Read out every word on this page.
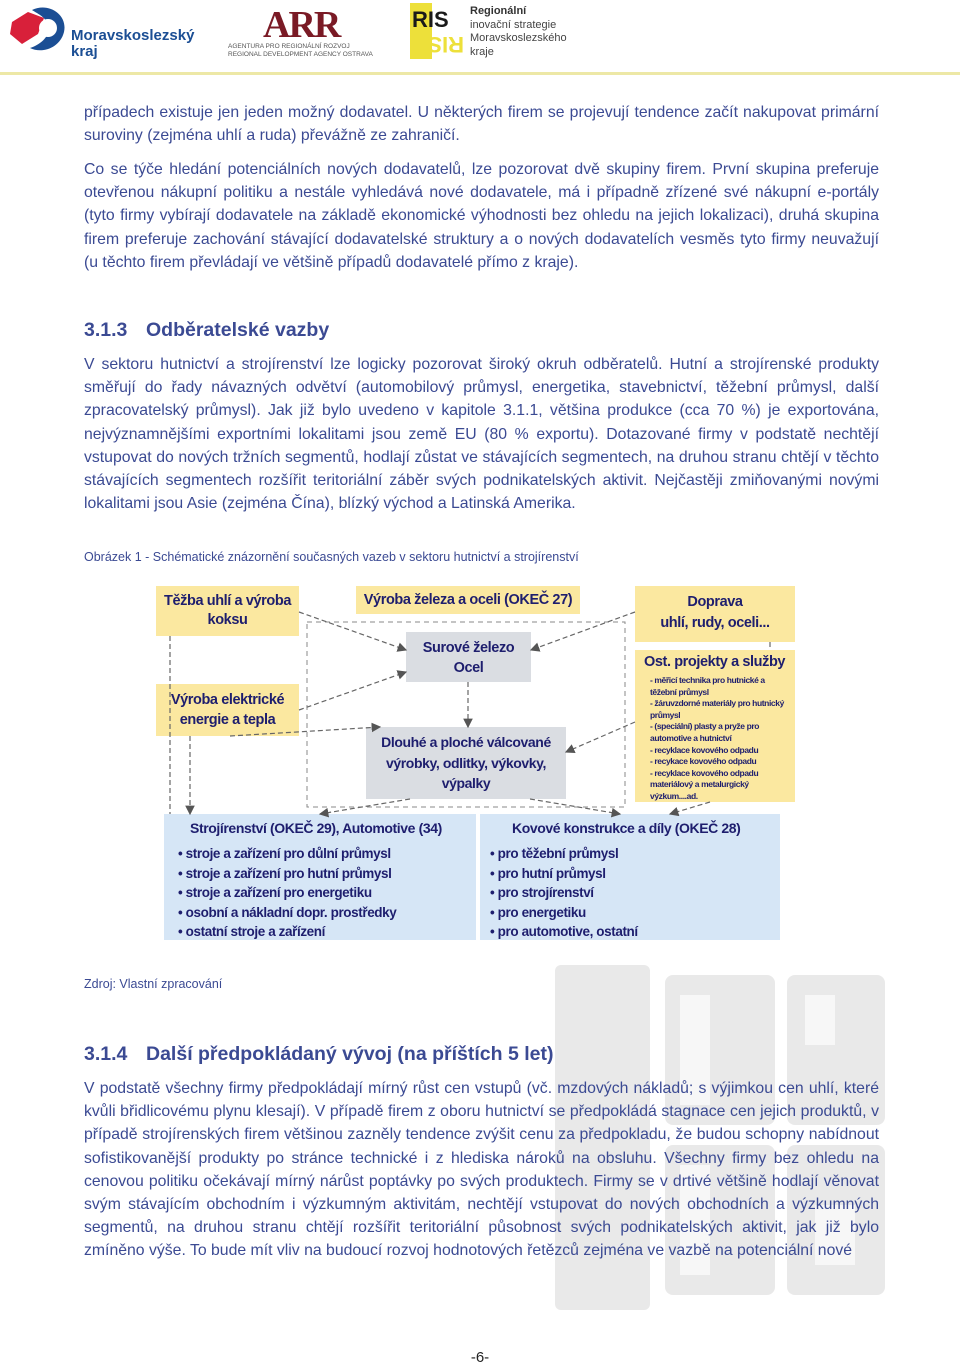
Moravskoslezský
kraj
ARR
AGENTURA PRO REGIONÁLNÍ ROZVOJ
REGIONAL DEVELOPMENT AGENCY OSTRAVA
RIS
RIS
Regionální
inovační strategie
Moravskoslezského
kraje

případech existuje jen jeden možný dodavatel. U některých firem se projevují tendence začít nakupovat primární suroviny (zejména uhlí a ruda) převážně ze zahraničí.

Co se týče hledání potenciálních nových dodavatelů, lze pozorovat dvě skupiny firem. První skupina preferuje otevřenou nákupní politiku a nestále vyhledává nové dodavatele, má i případně zřízené své nákupní e-portály (tyto firmy vybírají dodavatele na základě ekonomické výhodnosti bez ohledu na jejich lokalizaci), druhá skupina firem preferuje zachování stávající dodavatelské struktury a o nových dodavatelích vesměs tyto firmy neuvažují (u těchto firem převládají ve většině případů dodavatelé přímo z kraje).

3.1.3 Odběratelské vazby

V sektoru hutnictví a strojírenství lze logicky pozorovat široký okruh odběratelů. Hutní a strojírenské produkty směřují do řady návazných odvětví (automobilový průmysl, energetika, stavebnictví, těžební průmysl, další zpracovatelský průmysl). Jak již bylo uvedeno v kapitole 3.1.1, většina produkce (cca 70 %) je exportována, nejvýznamnějšími exportními lokalitami jsou země EU (80 % exportu). Dotazované firmy v podstatě nechtějí vstupovat do nových tržních segmentů, hodlají zůstat ve stávajících segmentech, na druhou stranu chtějí v těchto stávajících segmentech rozšířit teritoriální záběr svých podnikatelských aktivit. Nejčastěji zmiňovanými novými lokalitami jsou Asie (zejména Čína), blízký východ a Latinská Amerika.

Obrázek 1 - Schématické znázornění současných vazeb v sektoru hutnictví a strojírenství

Těžba uhlí a výroba
koksu
Výroba železa a oceli (OKEČ 27)	Doprava
uhlí, rudy, oceli...
Surové železo
Ocel
Výroba elektrické
energie a tepla
Ost. projekty a služby
- měřicí technika pro hutnické a
těžební průmysl
- žáruvzdorné materiály pro hutnický
průmysl
- (speciální) plasty a pryže pro
automotive a hutnictví
- recyklace kovového odpadu
- recykace kovového odpadu
- recyklace kovového odpadu
materiálový a metalurgický
výzkum....ad.
Dlouhé a ploché válcované
výrobky, odlitky, výkovky,
výpalky
Strojírenství (OKEČ 29), Automotive (34)
• stroje a zařízení pro důlní průmysl
• stroje a zařízení pro hutní průmysl
• stroje a zařízení pro energetiku
• osobní a nákladní dopr. prostředky
• ostatní stroje a zařízení
Kovové konstrukce a díly (OKEČ 28)
• pro těžební průmysl
• pro hutní průmysl
• pro strojírenství
• pro energetiku
• pro automotive, ostatní

Zdroj: Vlastní zpracování

3.1.4 Další předpokládaný vývoj (na příštích 5 let)

V podstatě všechny firmy předpokládají mírný růst cen vstupů (vč. mzdových nákladů; s výjimkou cen uhlí, které kvůli břidlicovému plynu klesají). V případě firem z oboru hutnictví se předpokládá stagnace cen jejich produktů, v případě strojírenských firem většinou zazněly tendence zvýšit cenu za předpokladu, že budou schopny nabídnout sofistikovanější produkty po stránce technické i z hlediska nároků na obsluhu. Všechny firmy bez ohledu na cenovou politiku očekávají mírný nárůst poptávky po svých produktech. Firmy se v drtivé většině hodlají věnovat svým stávajícím obchodním i výzkumným aktivitám, nechtějí vstupovat do nových obchodních a výzkumných segmentů, na druhou stranu chtějí rozšířit teritoriální působnost svých podnikatelských aktivit, jak již bylo zmíněno výše. To bude mít vliv na budoucí rozvoj hodnotových řetězců zejména ve vazbě na potenciální nové

-6-
